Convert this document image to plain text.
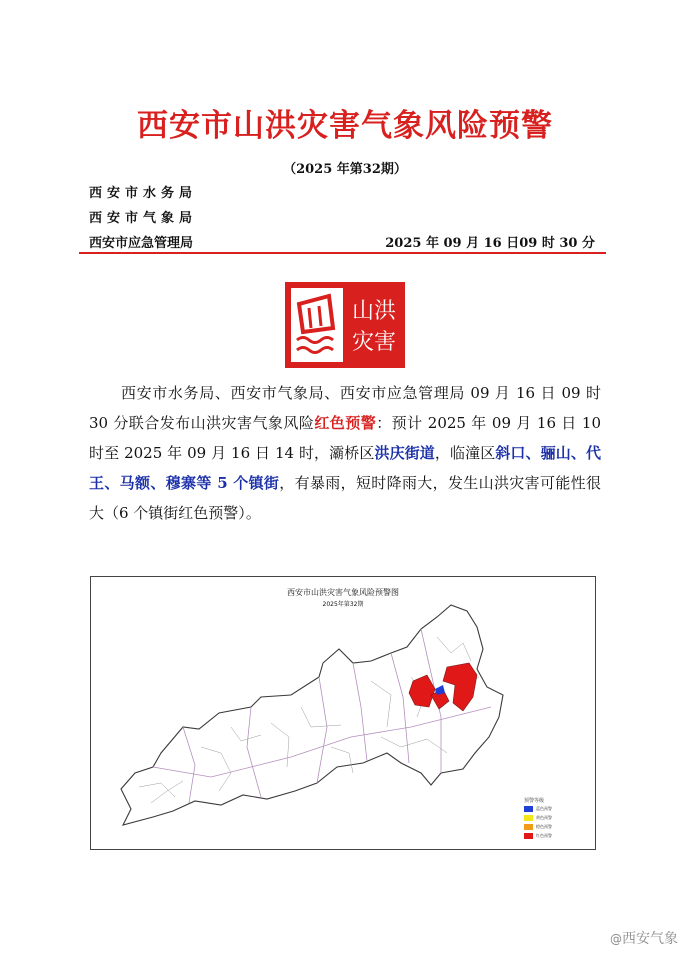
西安市山洪灾害气象风险预警
（2025 年第32期）
西安市水务局
西安市气象局
西安市应急管理局	2025 年 09 月 16 日09 时 30 分
山洪
灾害
西安市水务局、西安市气象局、西安市应急管理局 09 月 16 日 09 时 30 分联合发布山洪灾害气象风险红色预警：预计 2025 年 09 月 16 日 10 时至 2025 年 09 月 16 日 14 时，灞桥区洪庆街道，临潼区斜口、骊山、代王、马额、穆寨等 5 个镇街，有暴雨，短时降雨大，发生山洪灾害可能性很大（6 个镇街红色预警）。
西安市山洪灾害气象风险预警图
2025年第32期
预警等级
蓝色预警
黄色预警
橙色预警
红色预警
@西安气象
